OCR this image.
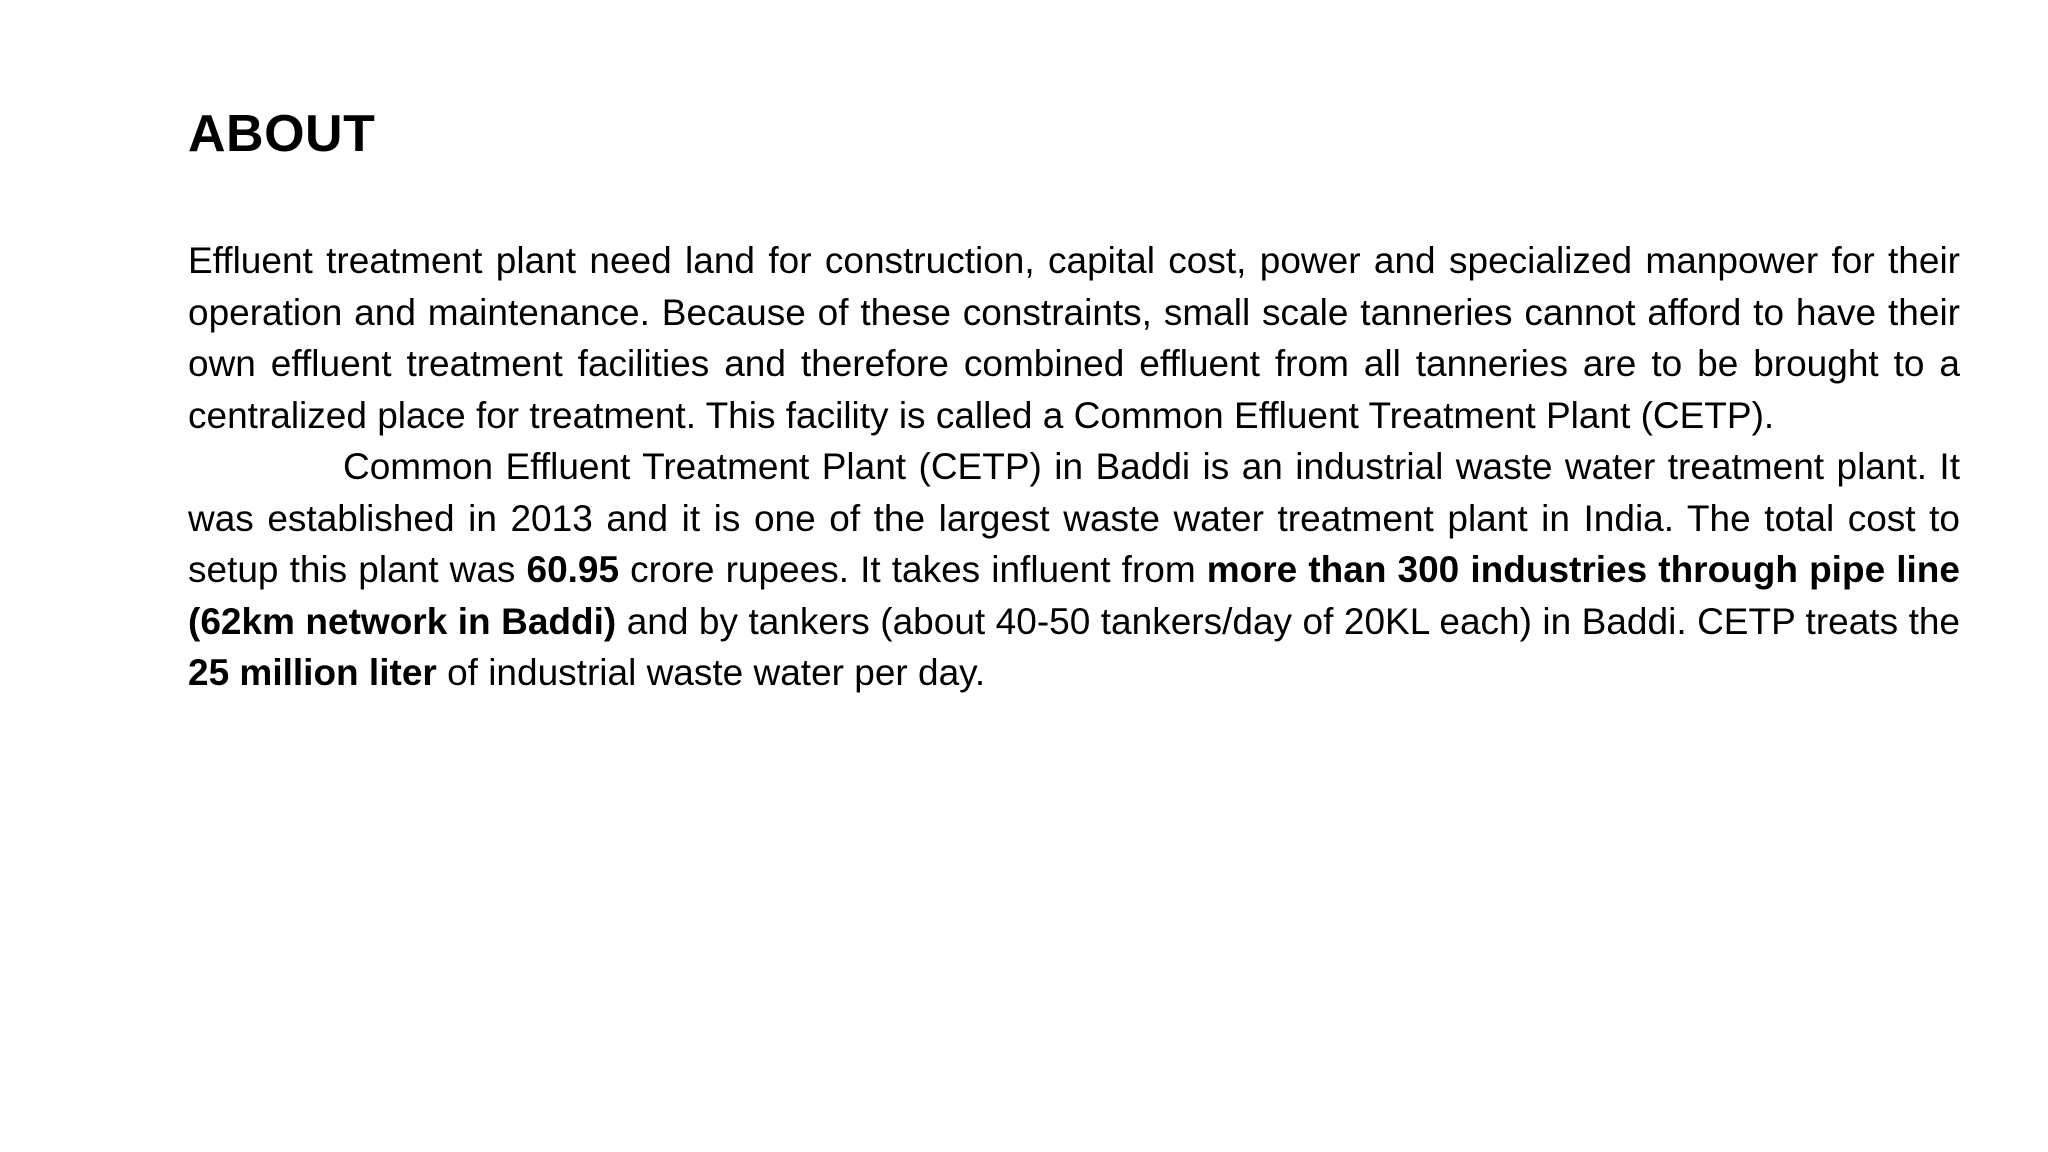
ABOUT

Effluent treatment plant need land for construction, capital cost, power and specialized manpower for their operation and maintenance. Because of these constraints, small scale tanneries cannot afford to have their own effluent treatment facilities and therefore combined effluent from all tanneries are to be brought to a centralized place for treatment. This facility is called a Common Effluent Treatment Plant (CETP).

Common Effluent Treatment Plant (CETP) in Baddi is an industrial waste water treatment plant. It was established in 2013 and it is one of the largest waste water treatment plant in India. The total cost to setup this plant was 60.95 crore rupees. It takes influent from more than 300 industries through pipe line (62km network in Baddi) and by tankers (about 40-50 tankers/day of 20KL each) in Baddi. CETP treats the 25 million liter of industrial waste water per day.
